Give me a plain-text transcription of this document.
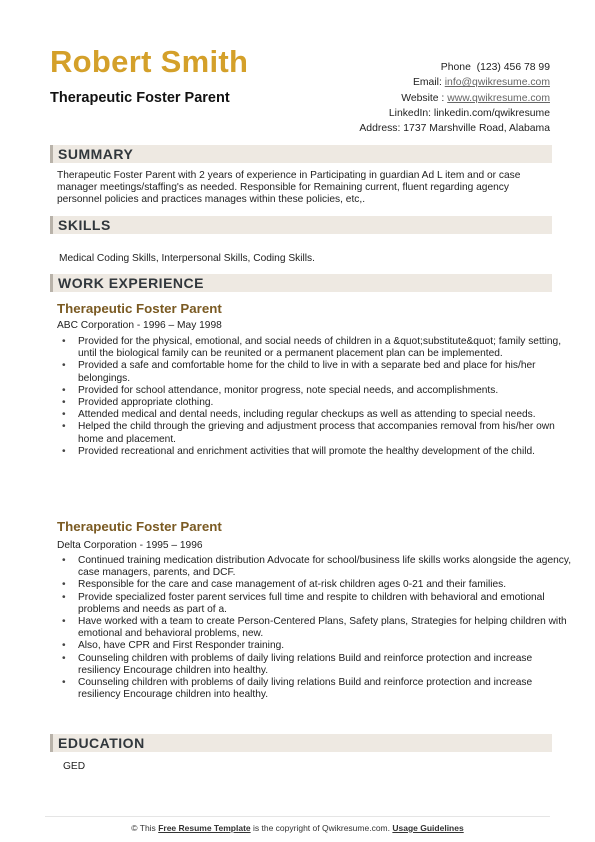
Robert Smith
Therapeutic Foster Parent
Phone (123) 456 78 99
Email: info@qwikresume.com
Website : www.qwikresume.com
LinkedIn: linkedin.com/qwikresume
Address: 1737 Marshville Road, Alabama
SUMMARY
Therapeutic Foster Parent with 2 years of experience in Participating in guardian Ad L item and or case manager meetings/staffing's as needed. Responsible for Remaining current, fluent regarding agency personnel policies and practices manages within these policies, etc,.
SKILLS
Medical Coding Skills, Interpersonal Skills, Coding Skills.
WORK EXPERIENCE
Therapeutic Foster Parent
ABC Corporation - 1996 – May 1998
• Provided for the physical, emotional, and social needs of children in a &quot;substitute&quot; family setting, until the biological family can be reunited or a permanent placement plan can be implemented.
• Provided a safe and comfortable home for the child to live in with a separate bed and place for his/her belongings.
• Provided for school attendance, monitor progress, note special needs, and accomplishments.
• Provided appropriate clothing.
• Attended medical and dental needs, including regular checkups as well as attending to special needs.
• Helped the child through the grieving and adjustment process that accompanies removal from his/her own home and placement.
• Provided recreational and enrichment activities that will promote the healthy development of the child.
Therapeutic Foster Parent
Delta Corporation - 1995 – 1996
• Continued training medication distribution Advocate for school/business life skills works alongside the agency, case managers, parents, and DCF.
• Responsible for the care and case management of at-risk children ages 0-21 and their families.
• Provide specialized foster parent services full time and respite to children with behavioral and emotional problems and needs as part of a.
• Have worked with a team to create Person-Centered Plans, Safety plans, Strategies for helping children with emotional and behavioral problems, new.
• Also, have CPR and First Responder training.
• Counseling children with problems of daily living relations Build and reinforce protection and increase resiliency Encourage children into healthy.
• Counseling children with problems of daily living relations Build and reinforce protection and increase resiliency Encourage children into healthy.
EDUCATION
GED
© This Free Resume Template is the copyright of Qwikresume.com. Usage Guidelines
